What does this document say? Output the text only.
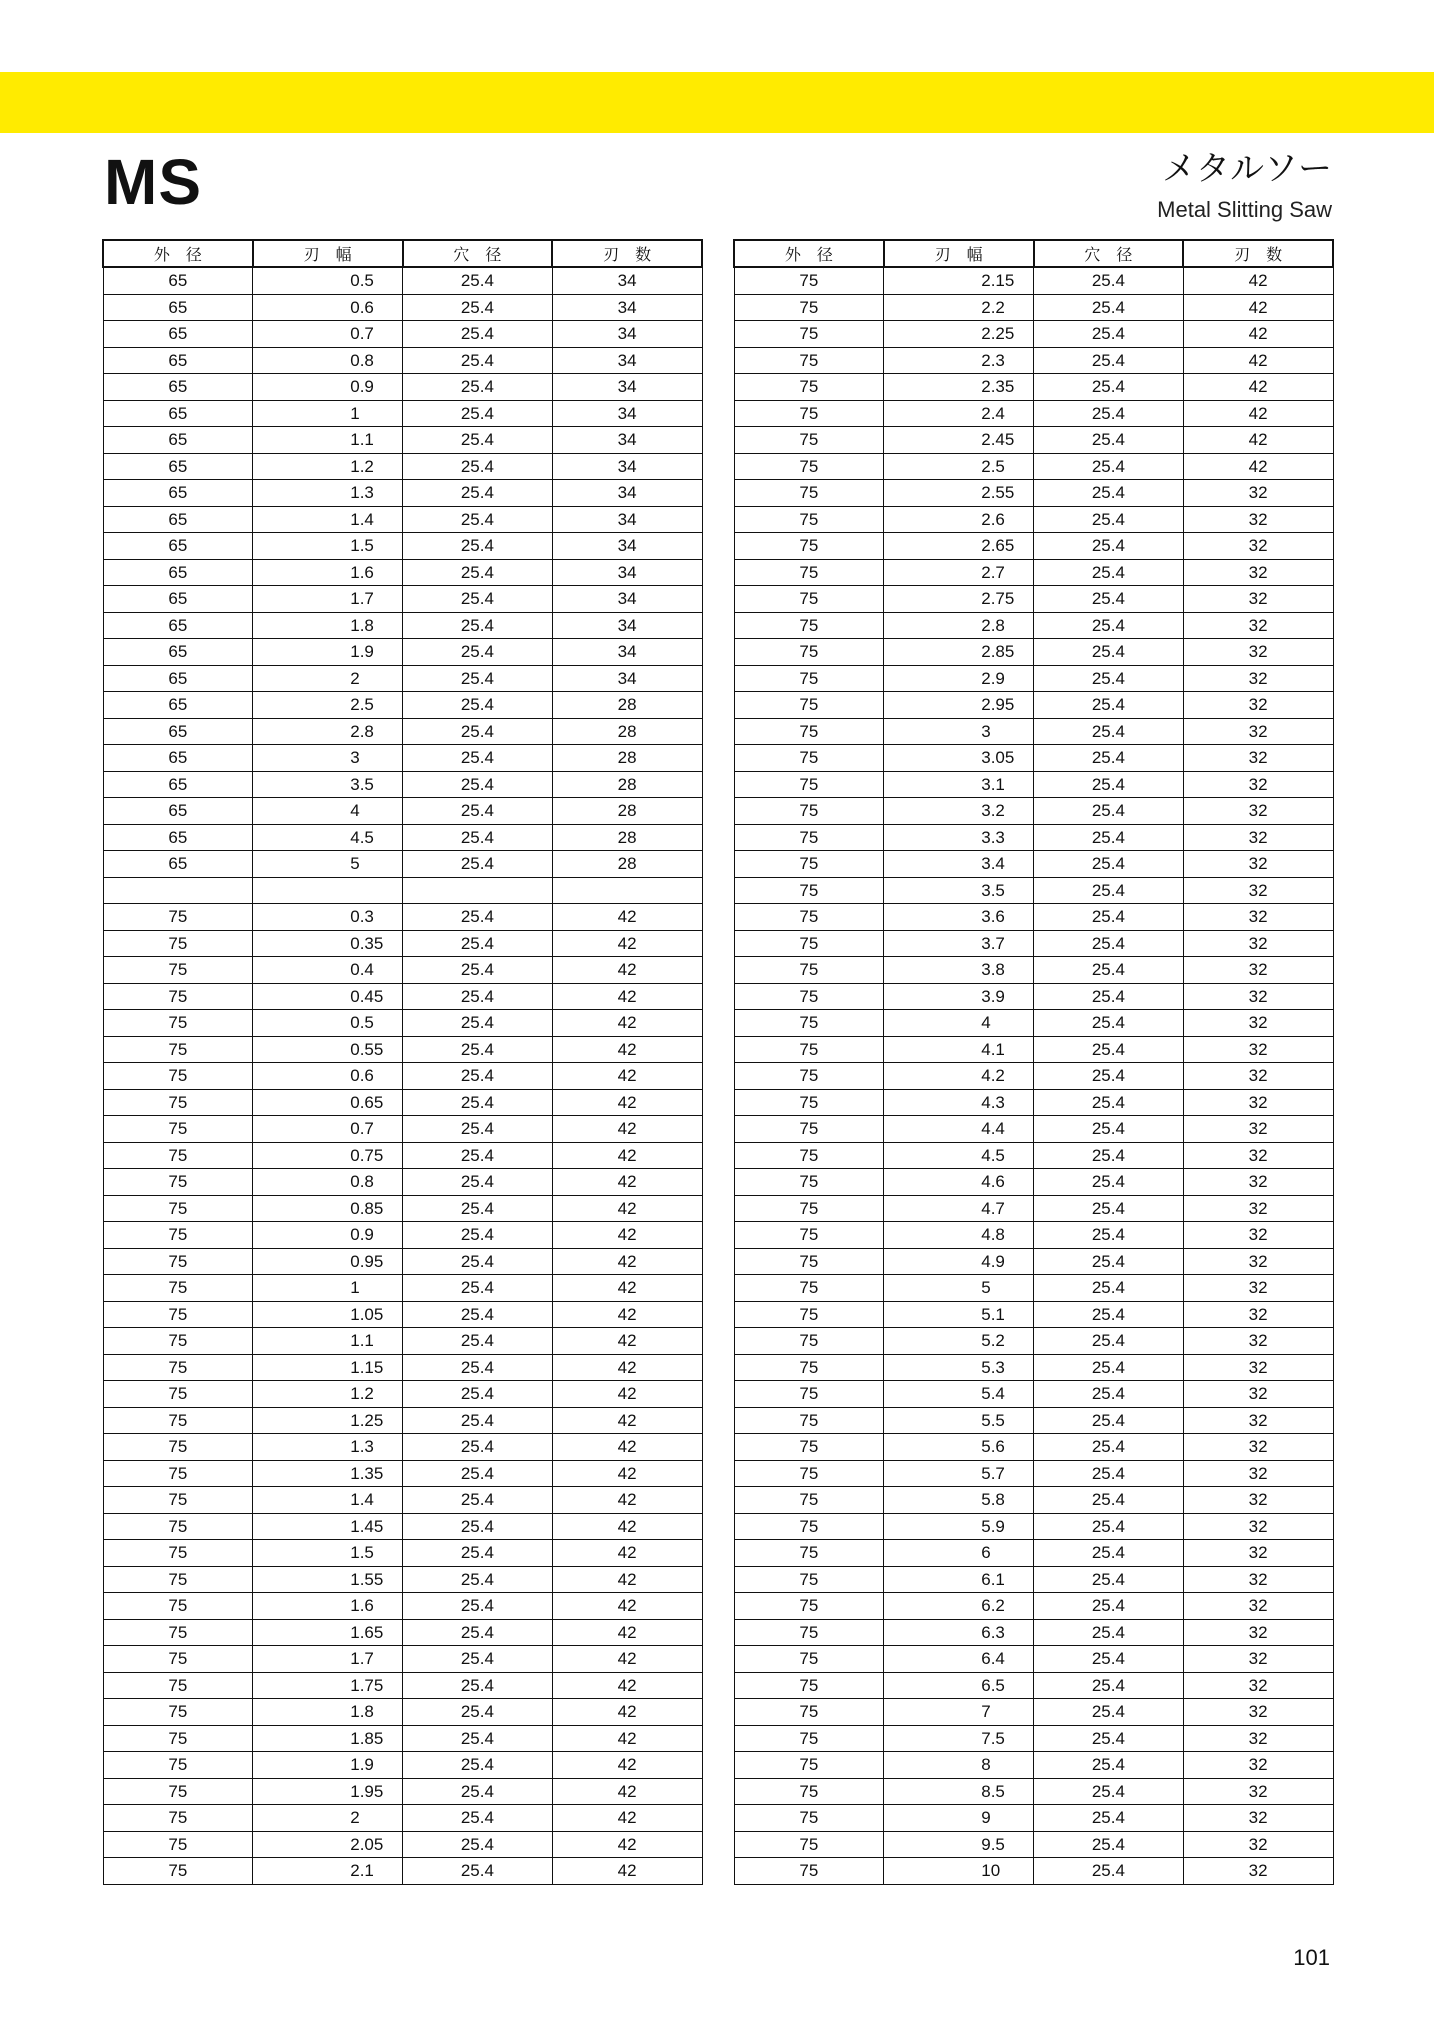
MS	メタルソー
Metal Slitting Saw
外　径	刃　幅	穴　径	刃　数
65	0.5	25.4	34
65	0.6	25.4	34
65	0.7	25.4	34
65	0.8	25.4	34
65	0.9	25.4	34
65	1	25.4	34
65	1.1	25.4	34
65	1.2	25.4	34
65	1.3	25.4	34
65	1.4	25.4	34
65	1.5	25.4	34
65	1.6	25.4	34
65	1.7	25.4	34
65	1.8	25.4	34
65	1.9	25.4	34
65	2	25.4	34
65	2.5	25.4	28
65	2.8	25.4	28
65	3	25.4	28
65	3.5	25.4	28
65	4	25.4	28
65	4.5	25.4	28
65	5	25.4	28

75	0.3	25.4	42
75	0.35	25.4	42
75	0.4	25.4	42
75	0.45	25.4	42
75	0.5	25.4	42
75	0.55	25.4	42
75	0.6	25.4	42
75	0.65	25.4	42
75	0.7	25.4	42
75	0.75	25.4	42
75	0.8	25.4	42
75	0.85	25.4	42
75	0.9	25.4	42
75	0.95	25.4	42
75	1	25.4	42
75	1.05	25.4	42
75	1.1	25.4	42
75	1.15	25.4	42
75	1.2	25.4	42
75	1.25	25.4	42
75	1.3	25.4	42
75	1.35	25.4	42
75	1.4	25.4	42
75	1.45	25.4	42
75	1.5	25.4	42
75	1.55	25.4	42
75	1.6	25.4	42
75	1.65	25.4	42
75	1.7	25.4	42
75	1.75	25.4	42
75	1.8	25.4	42
75	1.85	25.4	42
75	1.9	25.4	42
75	1.95	25.4	42
75	2	25.4	42
75	2.05	25.4	42
75	2.1	25.4	42
外　径	刃　幅	穴　径	刃　数
75	2.15	25.4	42
75	2.2	25.4	42
75	2.25	25.4	42
75	2.3	25.4	42
75	2.35	25.4	42
75	2.4	25.4	42
75	2.45	25.4	42
75	2.5	25.4	42
75	2.55	25.4	32
75	2.6	25.4	32
75	2.65	25.4	32
75	2.7	25.4	32
75	2.75	25.4	32
75	2.8	25.4	32
75	2.85	25.4	32
75	2.9	25.4	32
75	2.95	25.4	32
75	3	25.4	32
75	3.05	25.4	32
75	3.1	25.4	32
75	3.2	25.4	32
75	3.3	25.4	32
75	3.4	25.4	32
75	3.5	25.4	32
75	3.6	25.4	32
75	3.7	25.4	32
75	3.8	25.4	32
75	3.9	25.4	32
75	4	25.4	32
75	4.1	25.4	32
75	4.2	25.4	32
75	4.3	25.4	32
75	4.4	25.4	32
75	4.5	25.4	32
75	4.6	25.4	32
75	4.7	25.4	32
75	4.8	25.4	32
75	4.9	25.4	32
75	5	25.4	32
75	5.1	25.4	32
75	5.2	25.4	32
75	5.3	25.4	32
75	5.4	25.4	32
75	5.5	25.4	32
75	5.6	25.4	32
75	5.7	25.4	32
75	5.8	25.4	32
75	5.9	25.4	32
75	6	25.4	32
75	6.1	25.4	32
75	6.2	25.4	32
75	6.3	25.4	32
75	6.4	25.4	32
75	6.5	25.4	32
75	7	25.4	32
75	7.5	25.4	32
75	8	25.4	32
75	8.5	25.4	32
75	9	25.4	32
75	9.5	25.4	32
75	10	25.4	32
101
